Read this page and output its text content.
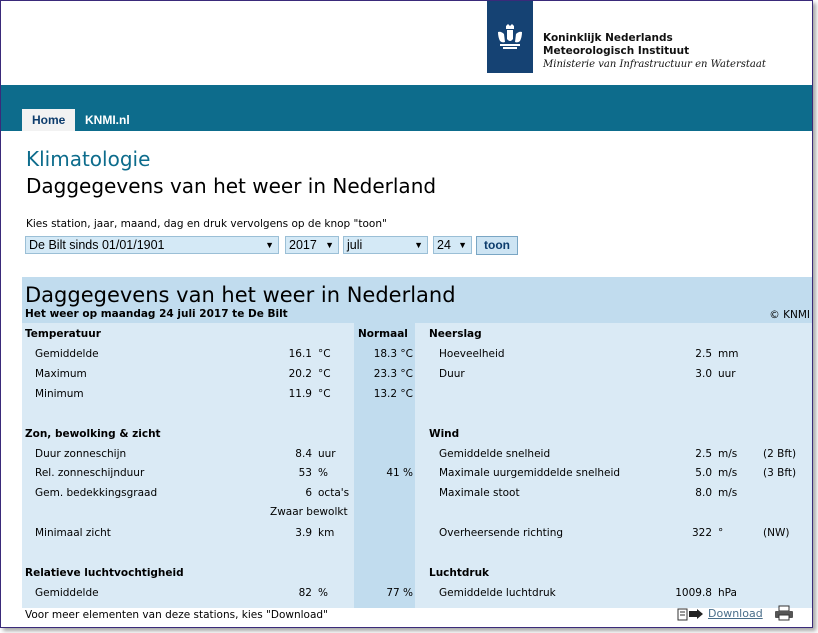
Koninklijk Nederlands
Meteorologisch Instituut
Ministerie van Infrastructuur en Waterstaat
Home	KNMI.nl
Klimatologie
Daggegevens van het weer in Nederland
Kies station, jaar, maand, dag en druk vervolgens op de knop "toon"
De Bilt sinds 01/01/1901	▼	2017 ▼	juli	▼	24 ▼	toon
Daggegevens van het weer in Nederland
Het weer op maandag 24 juli 2017 te De Bilt	© KNMI
Temperatuur	Normaal
Gemiddelde	16.1 °C	18.3 °C
Maximum	20.2 °C	23.3 °C
Minimum	11.9 °C	13.2 °C
Zon, bewolking & zicht
Duur zonneschijn	8.4 uur
Rel. zonneschijnduur	53 %	41 %
Gem. bedekkingsgraad	6 octa's
Zwaar bewolkt
Minimaal zicht	3.9 km
Relatieve luchtvochtigheid
Gemiddelde	82 %	77 %
Neerslag
Hoeveelheid	2.5 mm
Duur	3.0 uur
Wind
Gemiddelde snelheid	2.5 m/s (2 Bft)
Maximale uurgemiddelde snelheid	5.0 m/s (3 Bft)
Maximale stoot	8.0 m/s
Overheersende richting	322 °	(NW)
Luchtdruk
Gemiddelde luchtdruk	1009.8 hPa
Voor meer elementen van deze stations, kies "Download"	Download
